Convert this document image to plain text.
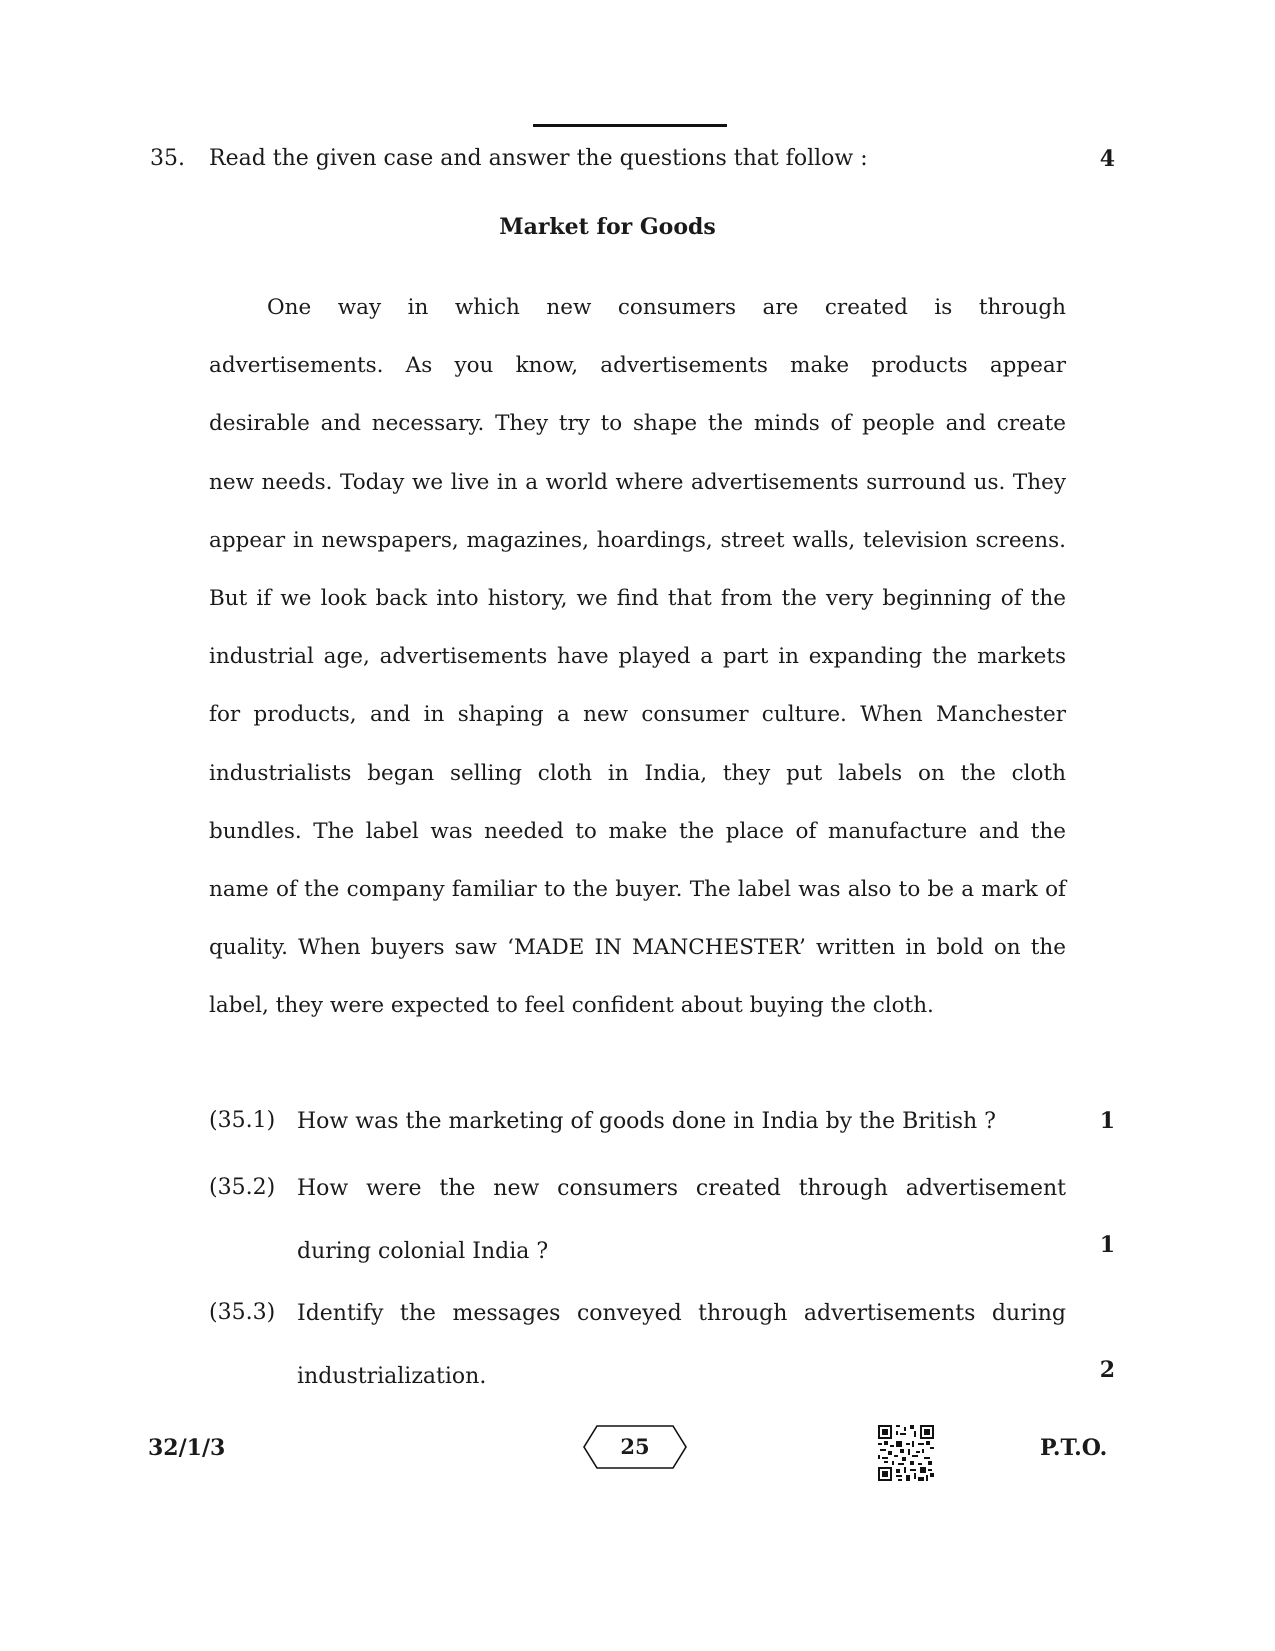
35. Read the given case and answer the questions that follow :	4
Market for Goods

One way in which new consumers are created is through advertisements. As you know, advertisements make products appear desirable and necessary. They try to shape the minds of people and create new needs. Today we live in a world where advertisements surround us. They appear in newspapers, magazines, hoardings, street walls, television screens. But if we look back into history, we find that from the very beginning of the industrial age, advertisements have played a part in expanding the markets for products, and in shaping a new consumer culture. When Manchester industrialists began selling cloth in India, they put labels on the cloth bundles. The label was needed to make the place of manufacture and the name of the company familiar to the buyer. The label was also to be a mark of quality. When buyers saw ‘MADE IN MANCHESTER’ written in bold on the label, they were expected to feel confident about buying the cloth.

(35.1) How was the marketing of goods done in India by the British ?	1
(35.2) How were the new consumers created through advertisement during colonial India ?	1
(35.3) Identify the messages conveyed through advertisements during industrialization.	2
32/1/3	25	P.T.O.
